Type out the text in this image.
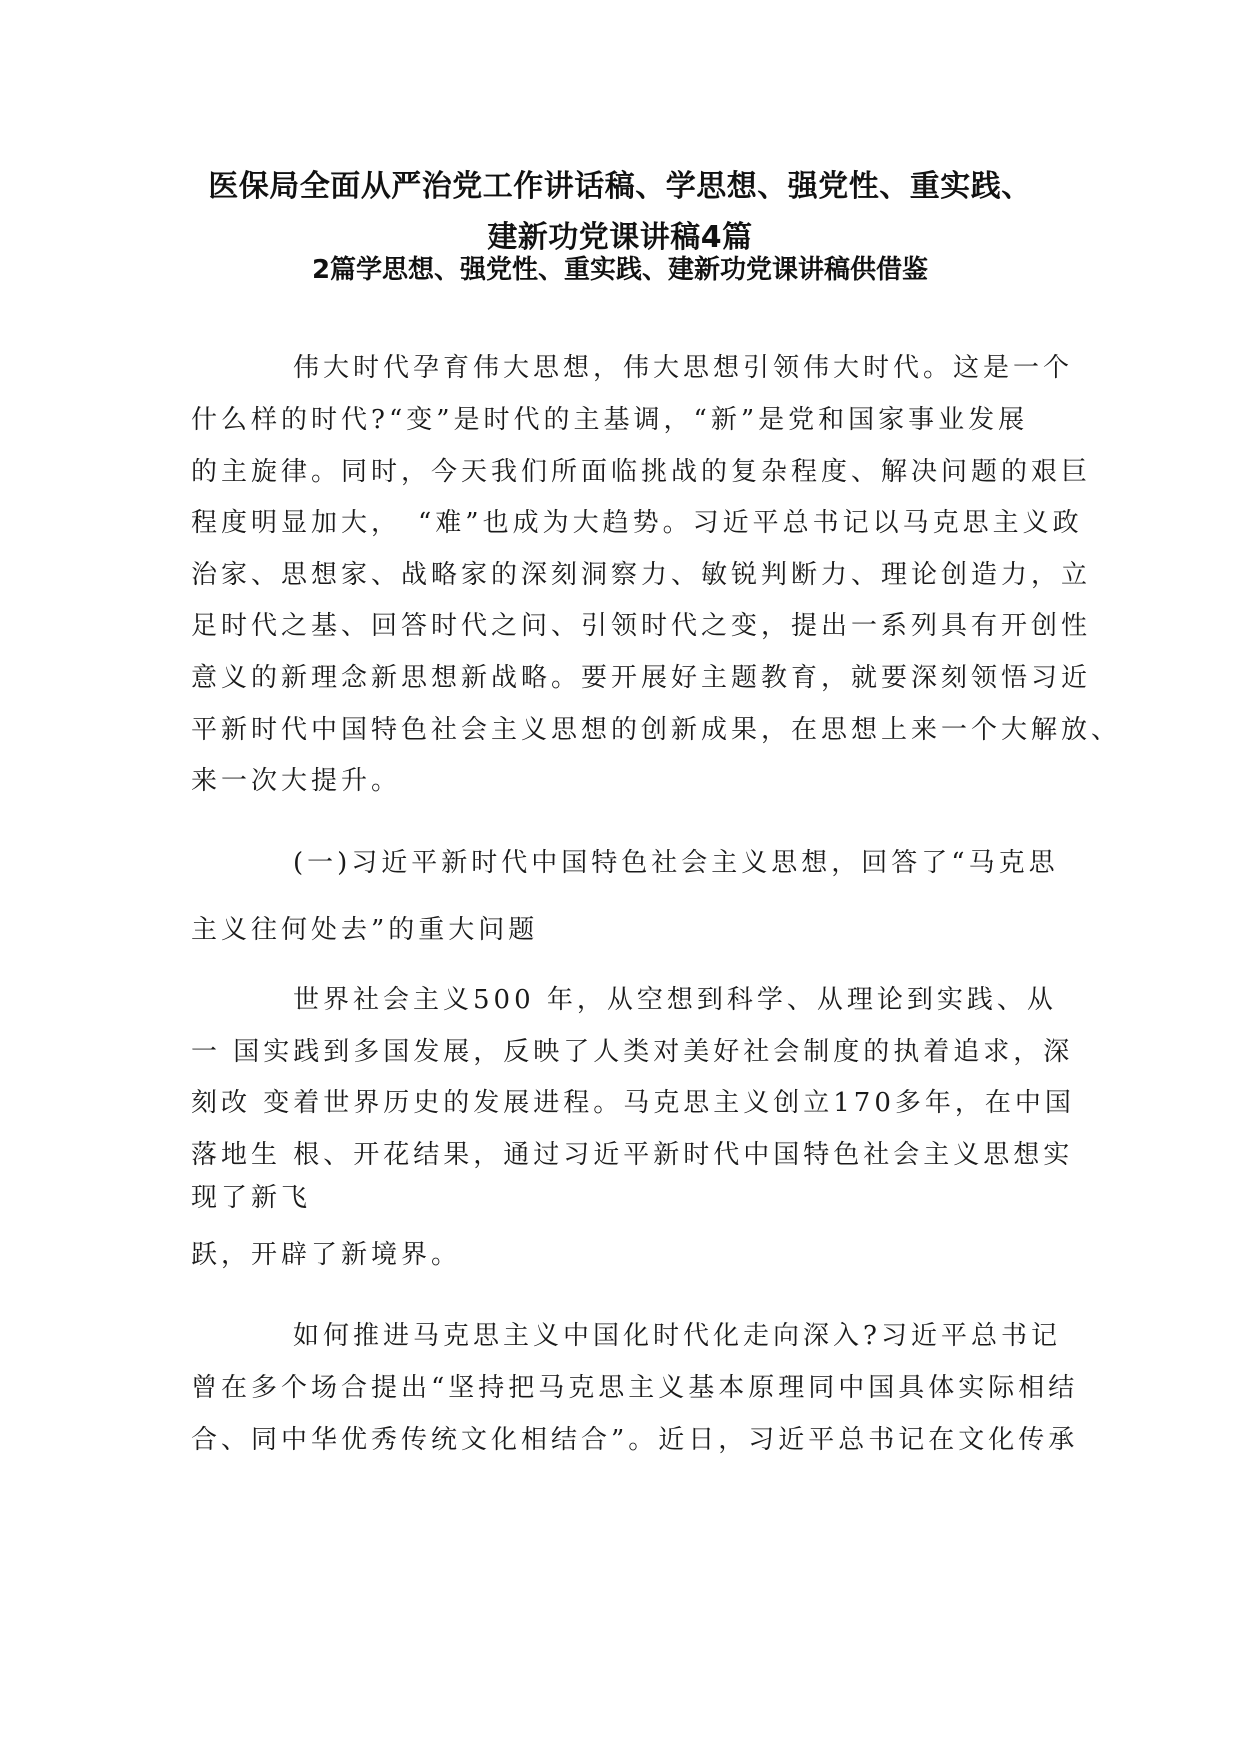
医保局全面从严治党工作讲话稿、学思想、强党性、重实践、
建新功党课讲稿4篇
2篇学思想、强党性、重实践、建新功党课讲稿供借鉴

伟大时代孕育伟大思想，伟大思想引领伟大时代。这是一个

什么样的时代?“变”是时代的主基调，“新”是党和国家事业发展

的主旋律。同时，今天我们所面临挑战的复杂程度、解决问题的艰巨

程度明显加大，　“难”也成为大趋势。习近平总书记以马克思主义政

治家、思想家、战略家的深刻洞察力、敏锐判断力、理论创造力，立

足时代之基、回答时代之问、引领时代之变，提出一系列具有开创性

意义的新理念新思想新战略。要开展好主题教育，就要深刻领悟习近

平新时代中国特色社会主义思想的创新成果，在思想上来一个大解放、

来一次大提升。

(一)习近平新时代中国特色社会主义思想，回答了“马克思

主义往何处去”的重大问题

世界社会主义500 年，从空想到科学、从理论到实践、从

一 国实践到多国发展，反映了人类对美好社会制度的执着追求，深

刻改 变着世界历史的发展进程。马克思主义创立170多年，在中国

落地生 根、开花结果，通过习近平新时代中国特色社会主义思想实

现了新飞

跃，开辟了新境界。

如何推进马克思主义中国化时代化走向深入?习近平总书记

曾在多个场合提出“坚持把马克思主义基本原理同中国具体实际相结

合、同中华优秀传统文化相结合”。近日，习近平总书记在文化传承
